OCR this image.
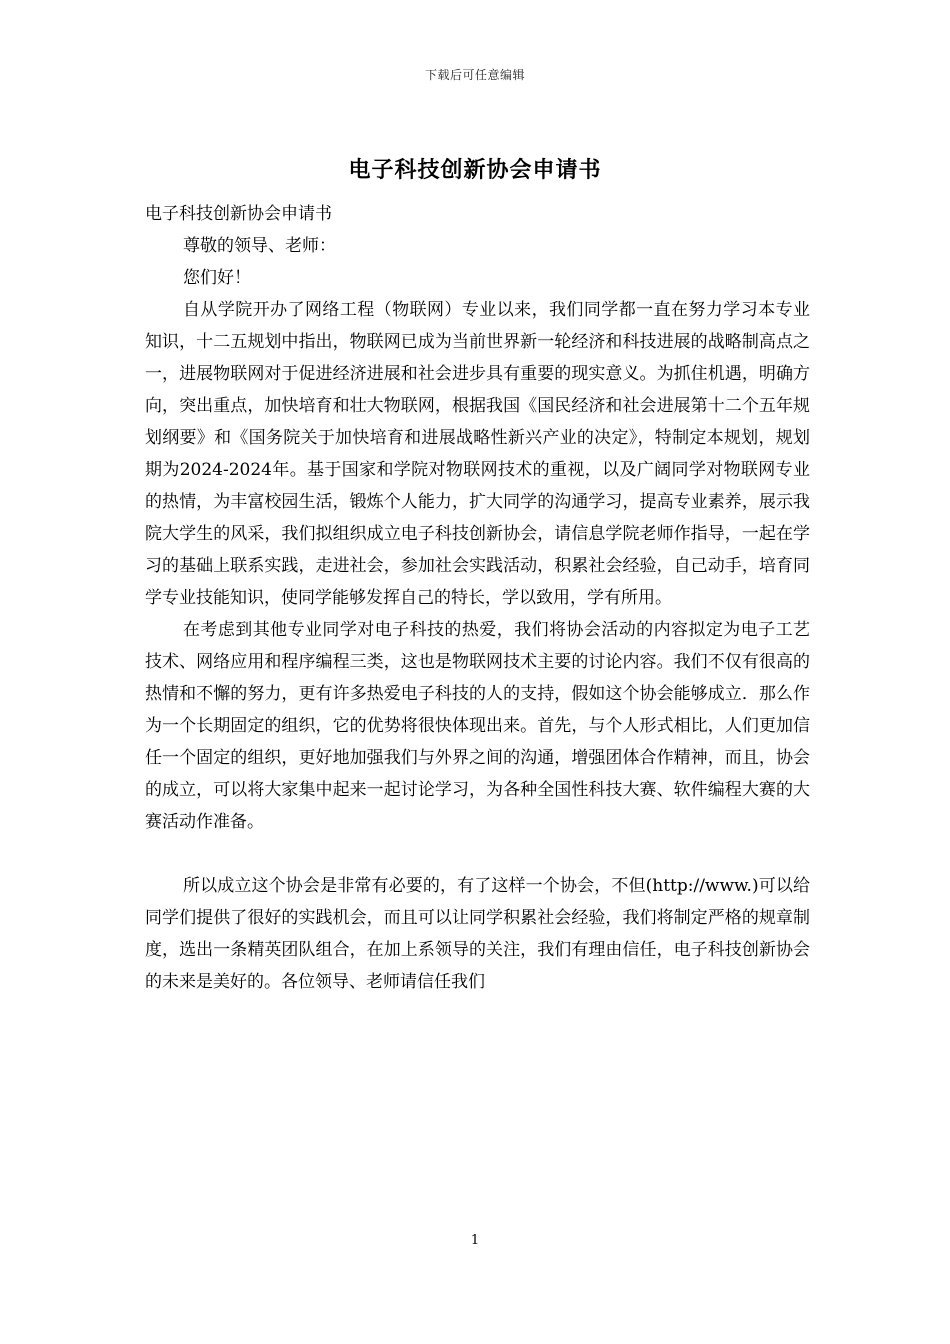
下载后可任意编辑
电子科技创新协会申请书

电子科技创新协会申请书

尊敬的领导、老师：

您们好！

自从学院开办了网络工程（物联网）专业以来，我们同学都一直在努力学习本专业知识，十二五规划中指出，物联网已成为当前世界新一轮经济和科技进展的战略制高点之一，进展物联网对于促进经济进展和社会进步具有重要的现实意义。为抓住机遇，明确方向，突出重点，加快培育和壮大物联网，根据我国《国民经济和社会进展第十二个五年规划纲要》和《国务院关于加快培育和进展战略性新兴产业的决定》，特制定本规划，规划期为2024-2024年。基于国家和学院对物联网技术的重视，以及广阔同学对物联网专业的热情，为丰富校园生活，锻炼个人能力，扩大同学的沟通学习，提高专业素养，展示我院大学生的风采，我们拟组织成立电子科技创新协会，请信息学院老师作指导，一起在学习的基础上联系实践，走进社会，参加社会实践活动，积累社会经验，自己动手，培育同学专业技能知识，使同学能够发挥自己的特长，学以致用，学有所用。

在考虑到其他专业同学对电子科技的热爱，我们将协会活动的内容拟定为电子工艺技术、网络应用和程序编程三类，这也是物联网技术主要的讨论内容。我们不仅有很高的热情和不懈的努力，更有许多热爱电子科技的人的支持，假如这个协会能够成立．那么作为一个长期固定的组织，它的优势将很快体现出来。首先，与个人形式相比，人们更加信任一个固定的组织，更好地加强我们与外界之间的沟通，增强团体合作精神，而且，协会的成立，可以将大家集中起来一起讨论学习，为各种全国性科技大赛、软件编程大赛的大赛活动作准备。

所以成立这个协会是非常有必要的，有了这样一个协会，不但(http://www.)可以给同学们提供了很好的实践机会，而且可以让同学积累社会经验，我们将制定严格的规章制度，选出一条精英团队组合，在加上系领导的关注，我们有理由信任，电子科技创新协会的未来是美好的。各位领导、老师请信任我们

1
